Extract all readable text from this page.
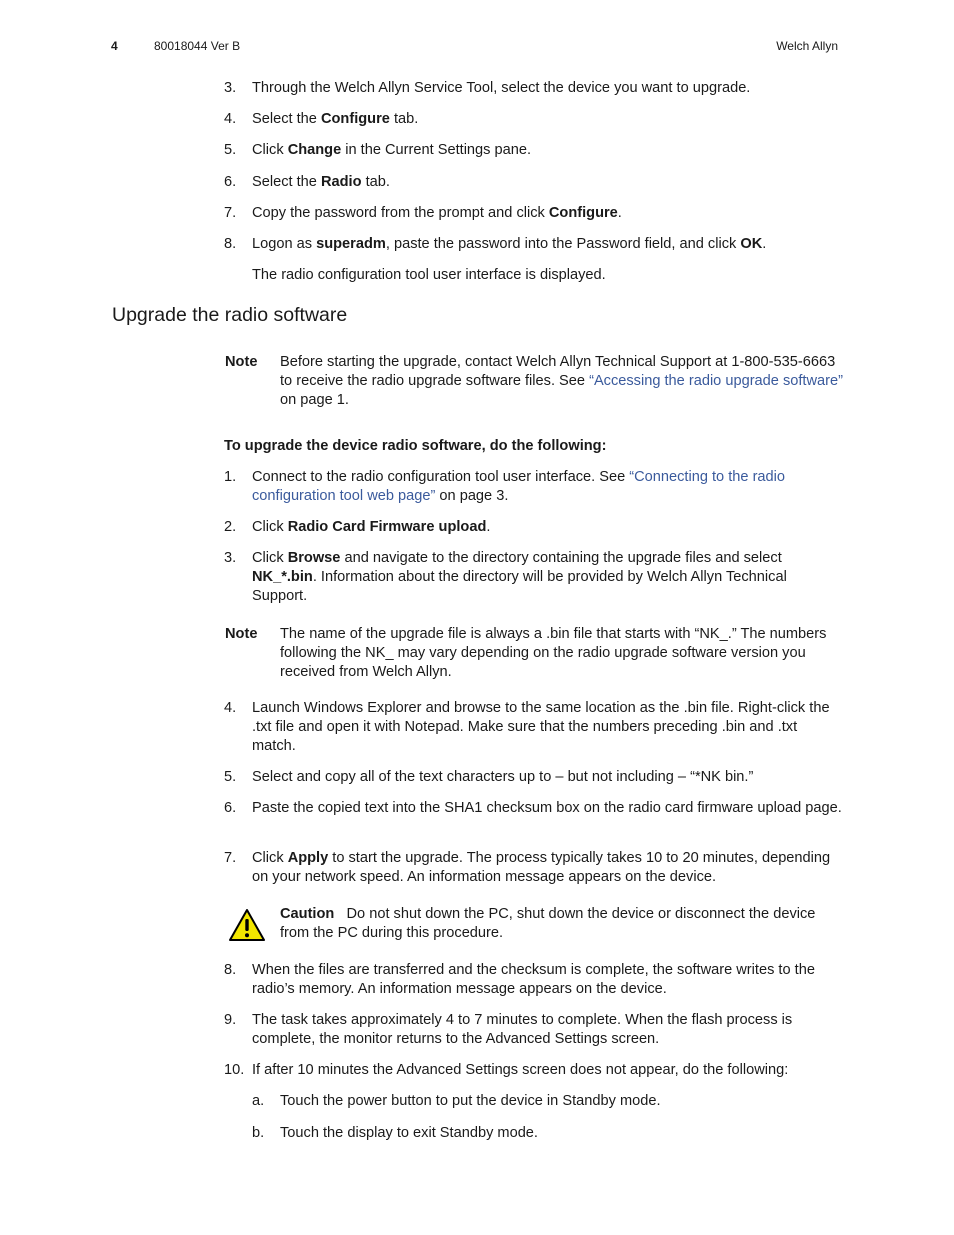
4	80018044 Ver B	Welch Allyn
3. Through the Welch Allyn Service Tool, select the device you want to upgrade.
4. Select the Configure tab.
5. Click Change in the Current Settings pane.
6. Select the Radio tab.
7. Copy the password from the prompt and click Configure.
8. Logon as superadm, paste the password into the Password field, and click OK.
The radio configuration tool user interface is displayed.
Upgrade the radio software
Note Before starting the upgrade, contact Welch Allyn Technical Support at 1-800-535-6663 to receive the radio upgrade software files. See “Accessing the radio upgrade software” on page 1.
To upgrade the device radio software, do the following:
1. Connect to the radio configuration tool user interface. See “Connecting to the radio configuration tool web page” on page 3.
2. Click Radio Card Firmware upload.
3. Click Browse and navigate to the directory containing the upgrade files and select NK_*.bin. Information about the directory will be provided by Welch Allyn Technical Support.
Note The name of the upgrade file is always a .bin file that starts with “NK_.” The numbers following the NK_ may vary depending on the radio upgrade software version you received from Welch Allyn.
4. Launch Windows Explorer and browse to the same location as the .bin file. Right-click the .txt file and open it with Notepad. Make sure that the numbers preceding .bin and .txt match.
5. Select and copy all of the text characters up to – but not including – “*NK bin.”
6. Paste the copied text into the SHA1 checksum box on the radio card firmware upload page.
7. Click Apply to start the upgrade. The process typically takes 10 to 20 minutes, depending on your network speed. An information message appears on the device.
Caution Do not shut down the PC, shut down the device or disconnect the device from the PC during this procedure.
8. When the files are transferred and the checksum is complete, the software writes to the radio’s memory. An information message appears on the device.
9. The task takes approximately 4 to 7 minutes to complete. When the flash process is complete, the monitor returns to the Advanced Settings screen.
10. If after 10 minutes the Advanced Settings screen does not appear, do the following:
a. Touch the power button to put the device in Standby mode.
b. Touch the display to exit Standby mode.
